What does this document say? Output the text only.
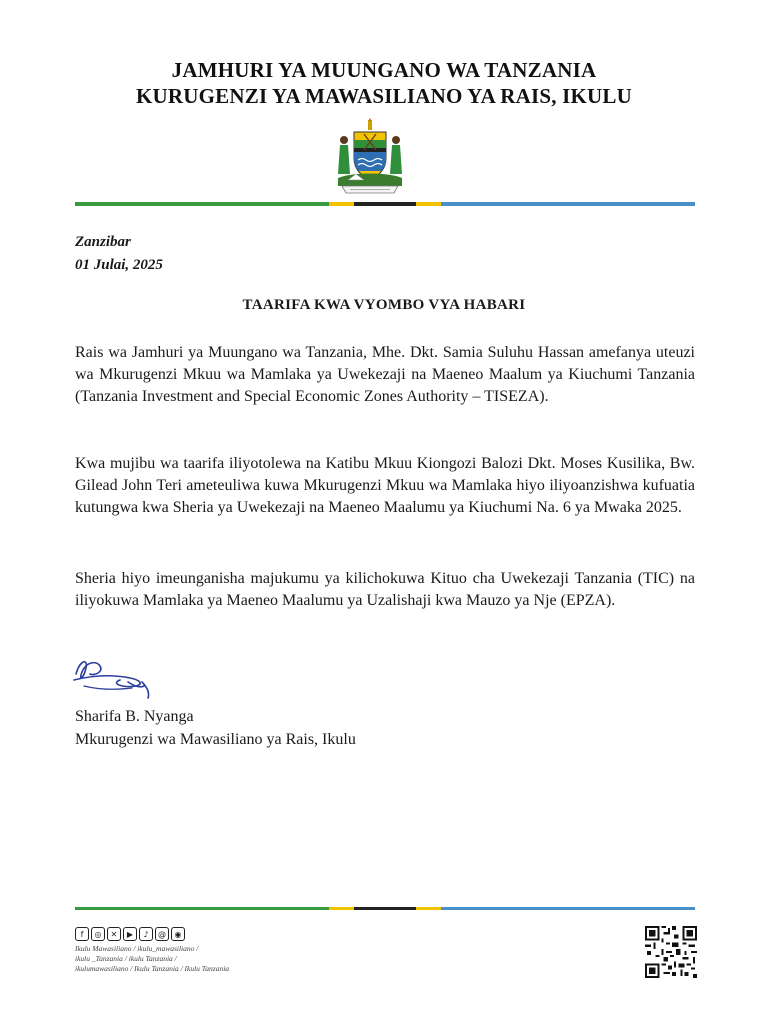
JAMHURI YA MUUNGANO WA TANZANIA
KURUGENZI YA MAWASILIANO YA RAIS, IKULU
Zanzibar
01 Julai, 2025
TAARIFA KWA VYOMBO VYA HABARI
Rais wa Jamhuri ya Muungano wa Tanzania, Mhe. Dkt. Samia Suluhu Hassan amefanya uteuzi wa Mkurugenzi Mkuu wa Mamlaka ya Uwekezaji na Maeneo Maalum ya Kiuchumi Tanzania (Tanzania Investment and Special Economic Zones Authority – TISEZA).
Kwa mujibu wa taarifa iliyotolewa na Katibu Mkuu Kiongozi Balozi Dkt. Moses Kusilika, Bw. Gilead John Teri ameteuliwa kuwa Mkurugenzi Mkuu wa Mamlaka hiyo iliyoanzishwa kufuatia kutungwa kwa Sheria ya Uwekezaji na Maeneo Maalumu ya Kiuchumi Na. 6 ya Mwaka 2025.
Sheria hiyo imeunganisha majukumu ya kilichokuwa Kituo cha Uwekezaji Tanzania (TIC) na iliyokuwa Mamlaka ya Maeneo Maalumu ya Uzalishaji kwa Mauzo ya Nje (EPZA).
Sharifa B. Nyanga
Mkurugenzi wa Mawasiliano ya Rais, Ikulu
f	◎	✕	▶	♪	@	◉
Ikulu Mawasiliano / ikulu_mawasiliano /
ikulu _Tanzania / ikulu Tanzania /
ikulumawasiliano / Ikulu Tanzania / Ikulu Tanzania
